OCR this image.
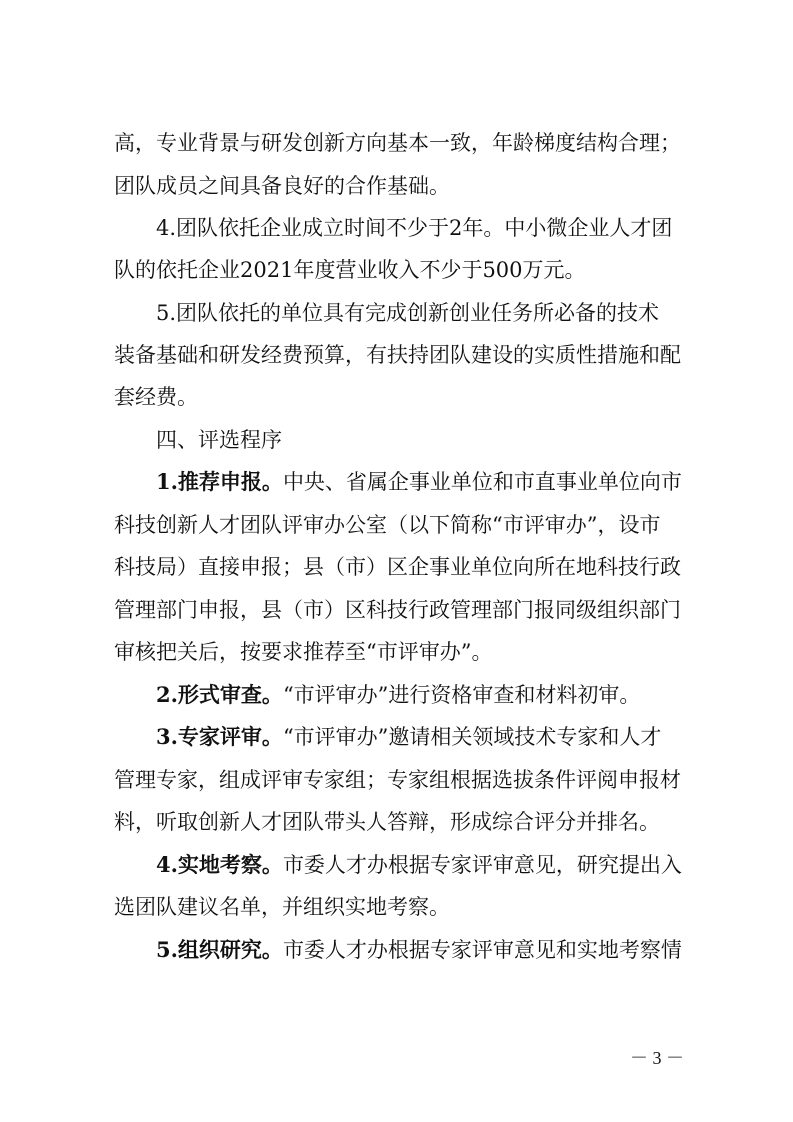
高，专业背景与研发创新方向基本一致，年龄梯度结构合理；
团队成员之间具备良好的合作基础。
4.团队依托企业成立时间不少于2年。中小微企业人才团
队的依托企业2021年度营业收入不少于500万元。
5.团队依托的单位具有完成创新创业任务所必备的技术
装备基础和研发经费预算，有扶持团队建设的实质性措施和配
套经费。
四、评选程序
1.推荐申报。中央、省属企事业单位和市直事业单位向市
科技创新人才团队评审办公室（以下简称“市评审办”，设市
科技局）直接申报；县（市）区企事业单位向所在地科技行政
管理部门申报，县（市）区科技行政管理部门报同级组织部门
审核把关后，按要求推荐至“市评审办”。
2.形式审查。“市评审办”进行资格审查和材料初审。
3.专家评审。“市评审办”邀请相关领域技术专家和人才
管理专家，组成评审专家组；专家组根据选拔条件评阅申报材
料，听取创新人才团队带头人答辩，形成综合评分并排名。
4.实地考察。市委人才办根据专家评审意见，研究提出入
选团队建议名单，并组织实地考察。
5.组织研究。市委人才办根据专家评审意见和实地考察情
－ 3 －
